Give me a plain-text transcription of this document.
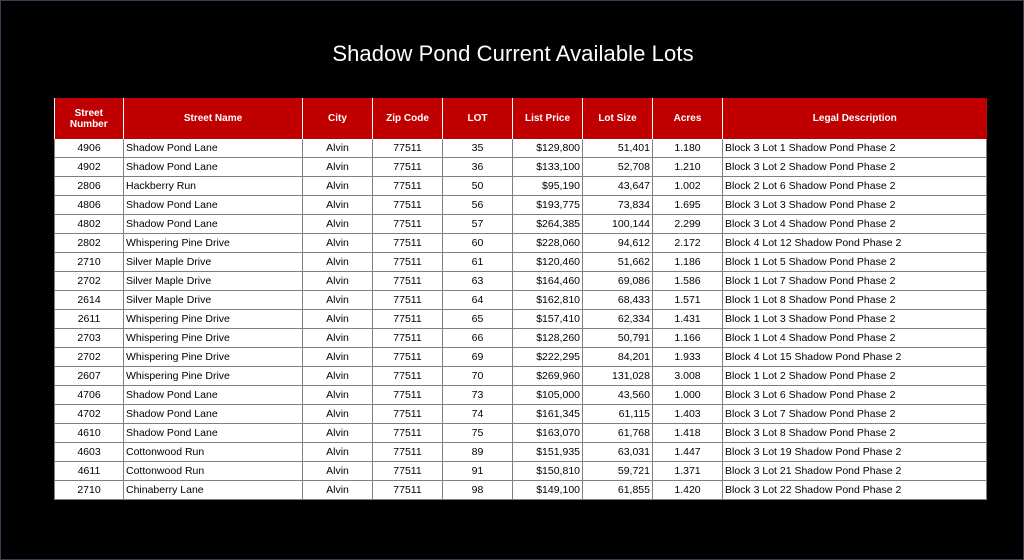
Shadow Pond Current Available Lots
Street Number	Street Name	City	Zip Code	LOT	List Price	Lot Size	Acres	Legal Description
4906	Shadow Pond Lane	Alvin	77511	35	$129,800	51,401	1.180	Block 3 Lot 1 Shadow Pond Phase 2
4902	Shadow Pond Lane	Alvin	77511	36	$133,100	52,708	1.210	Block 3 Lot 2 Shadow Pond Phase 2
2806	Hackberry Run	Alvin	77511	50	$95,190	43,647	1.002	Block 2 Lot 6 Shadow Pond Phase 2
4806	Shadow Pond Lane	Alvin	77511	56	$193,775	73,834	1.695	Block 3 Lot 3 Shadow Pond Phase 2
4802	Shadow Pond Lane	Alvin	77511	57	$264,385	100,144	2.299	Block 3 Lot 4 Shadow Pond Phase 2
2802	Whispering Pine Drive	Alvin	77511	60	$228,060	94,612	2.172	Block 4 Lot 12 Shadow Pond Phase 2
2710	Silver Maple Drive	Alvin	77511	61	$120,460	51,662	1.186	Block 1 Lot 5 Shadow Pond Phase 2
2702	Silver Maple Drive	Alvin	77511	63	$164,460	69,086	1.586	Block 1 Lot 7 Shadow Pond Phase 2
2614	Silver Maple Drive	Alvin	77511	64	$162,810	68,433	1.571	Block 1 Lot 8 Shadow Pond Phase 2
2611	Whispering Pine Drive	Alvin	77511	65	$157,410	62,334	1.431	Block 1 Lot 3 Shadow Pond Phase 2
2703	Whispering Pine Drive	Alvin	77511	66	$128,260	50,791	1.166	Block 1 Lot 4 Shadow Pond Phase 2
2702	Whispering Pine Drive	Alvin	77511	69	$222,295	84,201	1.933	Block 4 Lot 15 Shadow Pond Phase 2
2607	Whispering Pine Drive	Alvin	77511	70	$269,960	131,028	3.008	Block 1 Lot 2 Shadow Pond Phase 2
4706	Shadow Pond Lane	Alvin	77511	73	$105,000	43,560	1.000	Block 3 Lot 6 Shadow Pond Phase 2
4702	Shadow Pond Lane	Alvin	77511	74	$161,345	61,115	1.403	Block 3 Lot 7 Shadow Pond Phase 2
4610	Shadow Pond Lane	Alvin	77511	75	$163,070	61,768	1.418	Block 3 Lot 8 Shadow Pond Phase 2
4603	Cottonwood Run	Alvin	77511	89	$151,935	63,031	1.447	Block 3 Lot 19 Shadow Pond Phase 2
4611	Cottonwood Run	Alvin	77511	91	$150,810	59,721	1.371	Block 3 Lot 21 Shadow Pond Phase 2
2710	Chinaberry Lane	Alvin	77511	98	$149,100	61,855	1.420	Block 3 Lot 22 Shadow Pond Phase 2
